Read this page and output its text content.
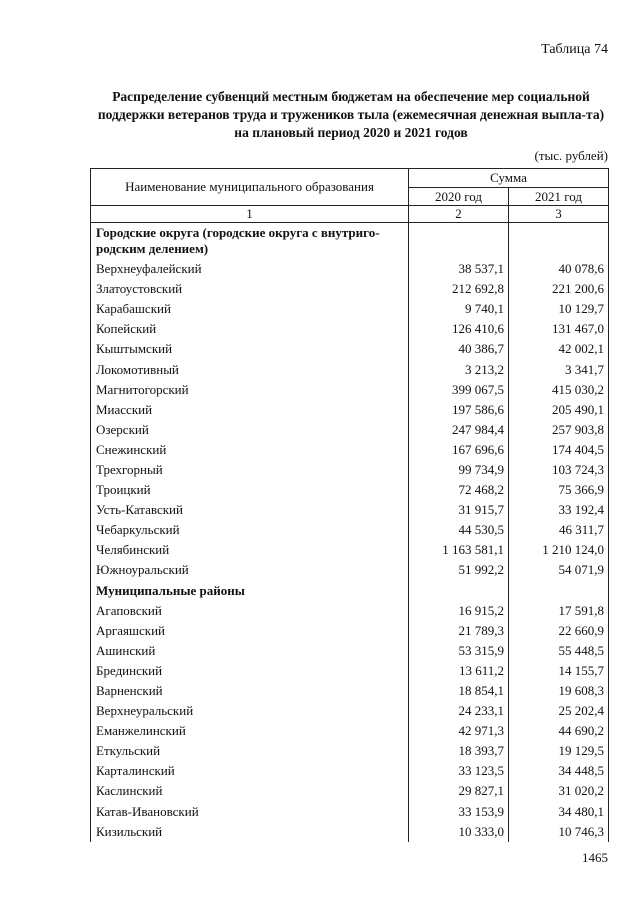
Таблица 74
Распределение субвенций местным бюджетам на обеспечение мер социальной поддержки ветеранов труда и тружеников тыла (ежемесячная денежная выпла-та) на плановый период 2020 и 2021 годов
(тыс. рублей)
Наименование муниципального образования	Сумма	
	2020 год	2021 год
1	2	3
Городские округа (городские округа с внутриго-родским делением)		
Верхнеуфалейский	38 537,1	40 078,6
Златоустовский	212 692,8	221 200,6
Карабашский	9 740,1	10 129,7
Копейский	126 410,6	131 467,0
Кыштымский	40 386,7	42 002,1
Локомотивный	3 213,2	3 341,7
Магнитогорский	399 067,5	415 030,2
Миасский	197 586,6	205 490,1
Озерский	247 984,4	257 903,8
Снежинский	167 696,6	174 404,5
Трехгорный	99 734,9	103 724,3
Троицкий	72 468,2	75 366,9
Усть-Катавский	31 915,7	33 192,4
Чебаркульский	44 530,5	46 311,7
Челябинский	1 163 581,1	1 210 124,0
Южноуральский	51 992,2	54 071,9
Муниципальные районы		
Агаповский	16 915,2	17 591,8
Аргаяшский	21 789,3	22 660,9
Ашинский	53 315,9	55 448,5
Брединский	13 611,2	14 155,7
Варненский	18 854,1	19 608,3
Верхнеуральский	24 233,1	25 202,4
Еманжелинский	42 971,3	44 690,2
Еткульский	18 393,7	19 129,5
Карталинский	33 123,5	34 448,5
Каслинский	29 827,1	31 020,2
Катав-Ивановский	33 153,9	34 480,1
Кизильский	10 333,0	10 746,3
1465
